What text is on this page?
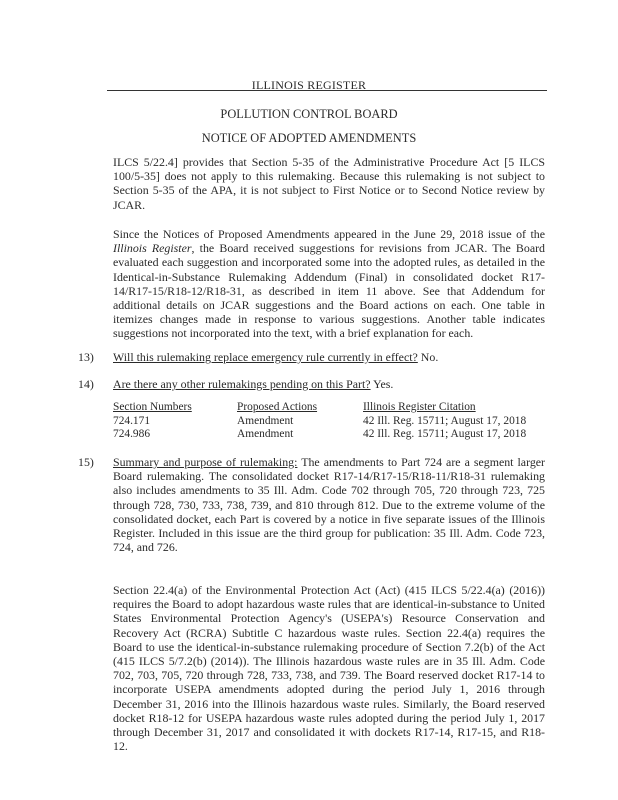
ILLINOIS REGISTER
POLLUTION CONTROL BOARD
NOTICE OF ADOPTED AMENDMENTS
ILCS 5/22.4] provides that Section 5-35 of the Administrative Procedure Act [5 ILCS 100/5-35] does not apply to this rulemaking. Because this rulemaking is not subject to Section 5-35 of the APA, it is not subject to First Notice or to Second Notice review by JCAR.
Since the Notices of Proposed Amendments appeared in the June 29, 2018 issue of the Illinois Register, the Board received suggestions for revisions from JCAR. The Board evaluated each suggestion and incorporated some into the adopted rules, as detailed in the Identical-in-Substance Rulemaking Addendum (Final) in consolidated docket R17-14/R17-15/R18-12/R18-31, as described in item 11 above. See that Addendum for additional details on JCAR suggestions and the Board actions on each. One table in itemizes changes made in response to various suggestions. Another table indicates suggestions not incorporated into the text, with a brief explanation for each.
13) Will this rulemaking replace emergency rule currently in effect? No.
14) Are there any other rulemakings pending on this Part? Yes.
Section Numbers	Proposed Actions	Illinois Register Citation
724.171	Amendment	42 Ill. Reg. 15711; August 17, 2018
724.986	Amendment	42 Ill. Reg. 15711; August 17, 2018
15) Summary and purpose of rulemaking: The amendments to Part 724 are a segment larger Board rulemaking. The consolidated docket R17-14/R17-15/R18-11/R18-31 rulemaking also includes amendments to 35 Ill. Adm. Code 702 through 705, 720 through 723, 725 through 728, 730, 733, 738, 739, and 810 through 812. Due to the extreme volume of the consolidated docket, each Part is covered by a notice in five separate issues of the Illinois Register. Included in this issue are the third group for publication: 35 Ill. Adm. Code 723, 724, and 726.
Section 22.4(a) of the Environmental Protection Act (Act) (415 ILCS 5/22.4(a) (2016)) requires the Board to adopt hazardous waste rules that are identical-in-substance to United States Environmental Protection Agency's (USEPA's) Resource Conservation and Recovery Act (RCRA) Subtitle C hazardous waste rules. Section 22.4(a) requires the Board to use the identical-in-substance rulemaking procedure of Section 7.2(b) of the Act (415 ILCS 5/7.2(b) (2014)). The Illinois hazardous waste rules are in 35 Ill. Adm. Code 702, 703, 705, 720 through 728, 733, 738, and 739. The Board reserved docket R17-14 to incorporate USEPA amendments adopted during the period July 1, 2016 through December 31, 2016 into the Illinois hazardous waste rules. Similarly, the Board reserved docket R18-12 for USEPA hazardous waste rules adopted during the period July 1, 2017 through December 31, 2017 and consolidated it with dockets R17-14, R17-15, and R18-12.
